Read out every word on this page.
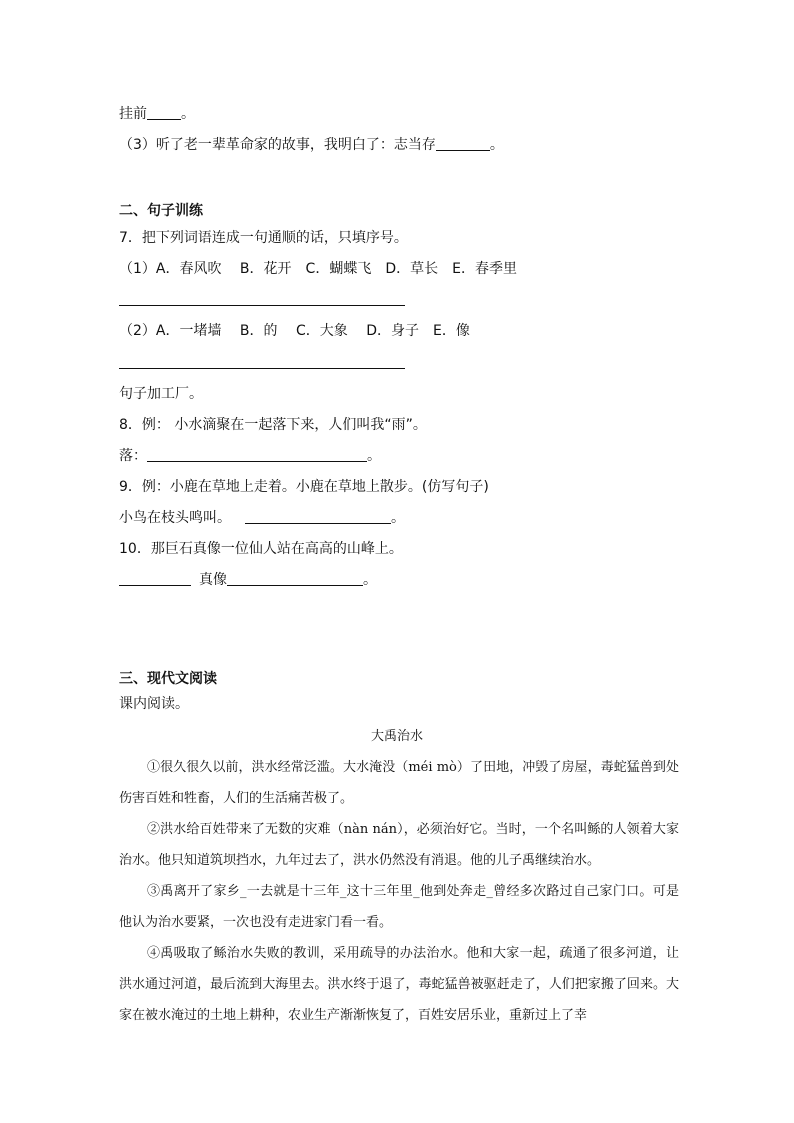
挂前 。
（3）听了老一辈革命家的故事，我明白了：志当存	。
二、句子训练
7．把下列词语连成一句通顺的话，只填序号。
（1）A．春风吹　 B．花开　C．蝴蝶飞　D．草长　E．春季里
（2）A．一堵墙　 B．的　 C．大象　 D．身子　E．像
句子加工厂。
8．例： 小水滴聚在一起落下来，人们叫我“雨”。
落：	。
9．例：小鹿在草地上走着。小鹿在草地上散步。(仿写句子)
小鸟在枝头鸣叫。	。
10．那巨石真像一位仙人站在高高的山峰上。
真像	。
三、现代文阅读
课内阅读。
大禹治水
①很久很久以前，洪水经常泛滥。大水淹没（méi mò）了田地，冲毁了房屋，毒蛇猛兽到处伤害百姓和牲畜，人们的生活痛苦极了。
②洪水给百姓带来了无数的灾难（nàn nán），必须治好它。当时，一个名叫鲧的人领着大家治水。他只知道筑坝挡水，九年过去了，洪水仍然没有消退。他的儿子禹继续治水。
③禹离开了家乡_一去就是十三年_这十三年里_他到处奔走_曾经多次路过自己家门口。可是他认为治水要紧，一次也没有走进家门看一看。
④禹吸取了鲧治水失败的教训，采用疏导的办法治水。他和大家一起，疏通了很多河道，让洪水通过河道，最后流到大海里去。洪水终于退了，毒蛇猛兽被驱赶走了，人们把家搬了回来。大家在被水淹过的土地上耕种，农业生产渐渐恢复了，百姓安居乐业，重新过上了幸
